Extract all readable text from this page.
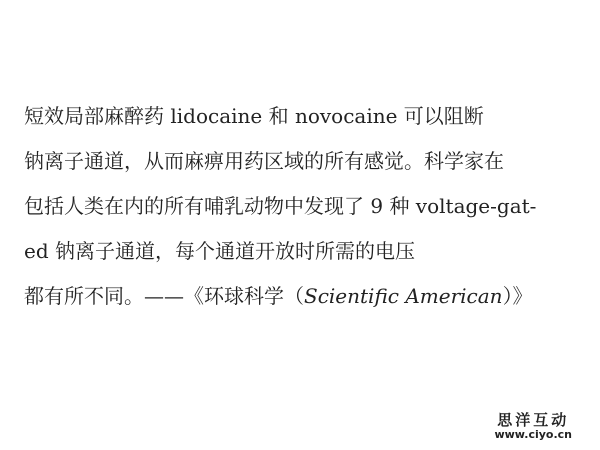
短效局部麻醉药 lidocaine 和 novocaine 可以阻断
钠离子通道，从而麻痹用药区域的所有感觉。科学家在
包括人类在内的所有哺乳动物中发现了 9 种 voltage-gat-
ed 钠离子通道，每个通道开放时所需的电压
都有所不同。——《环球科学（Scientific American）》
思洋互动
www.ciyo.cn
